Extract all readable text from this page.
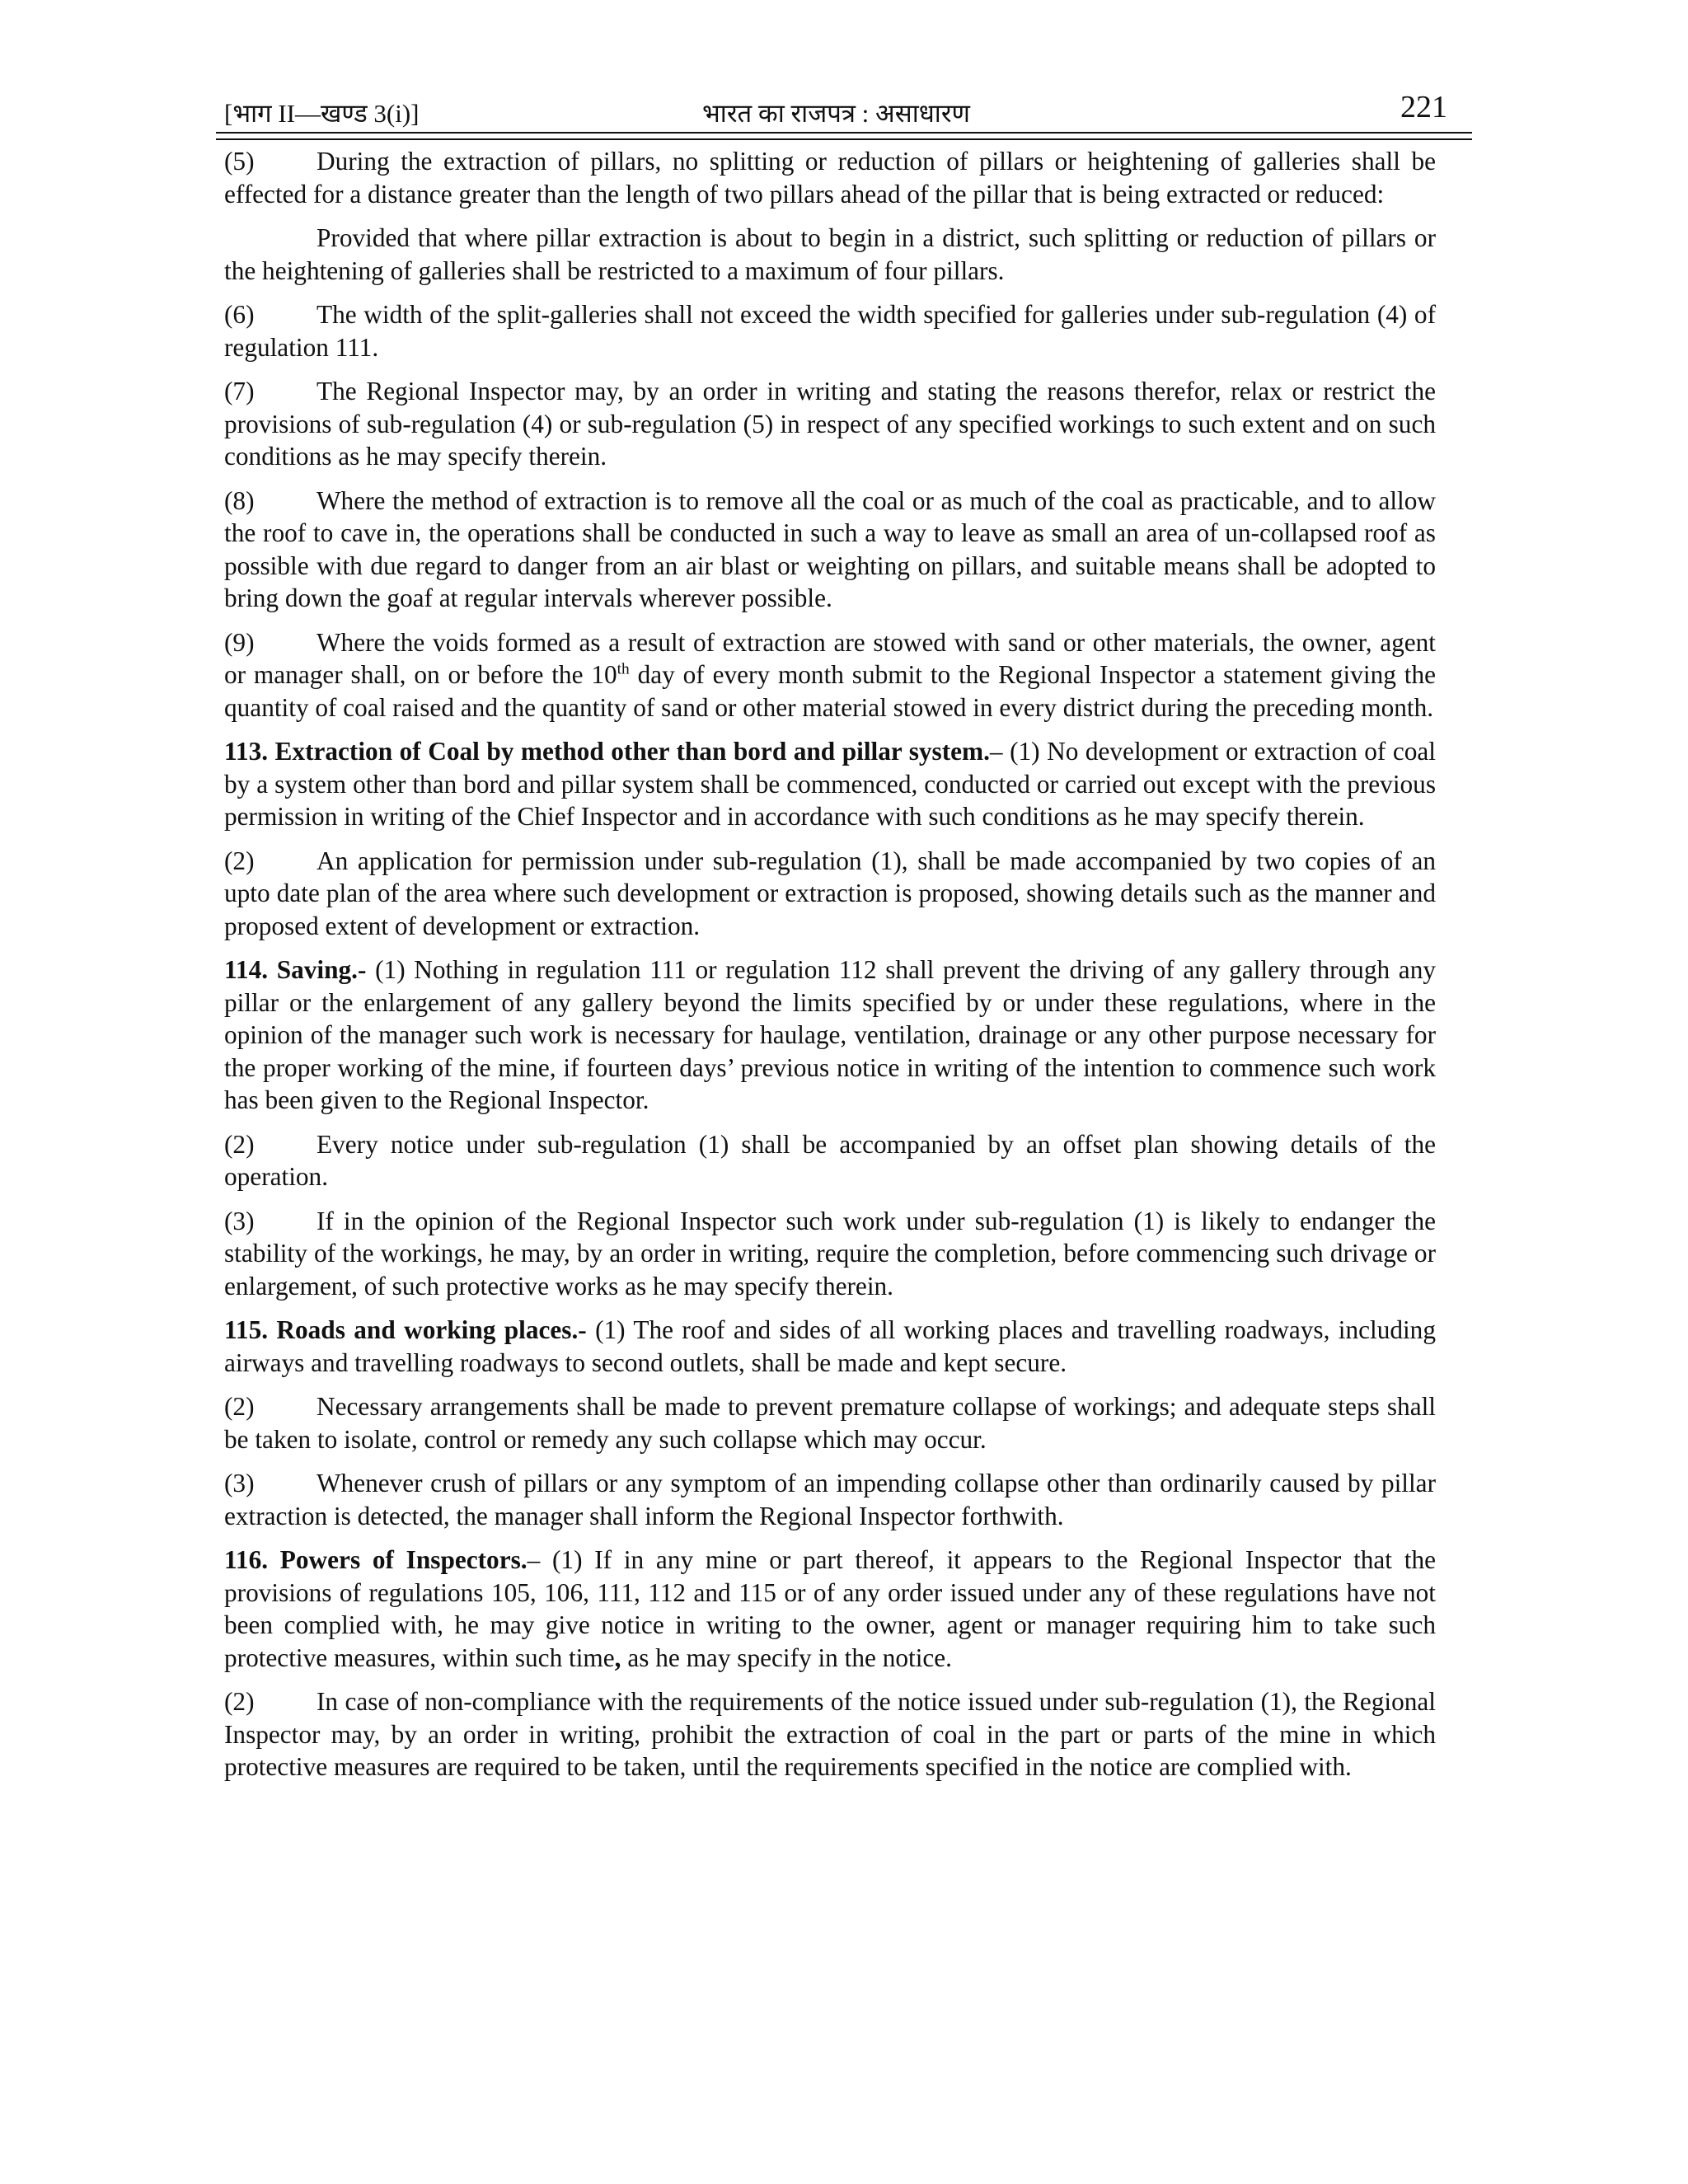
[भाग II—खण्ड 3(i)]	भारत का राजपत्र : असाधारण	221

(5) During the extraction of pillars, no splitting or reduction of pillars or heightening of galleries shall be effected for a distance greater than the length of two pillars ahead of the pillar that is being extracted or reduced:

Provided that where pillar extraction is about to begin in a district, such splitting or reduction of pillars or the heightening of galleries shall be restricted to a maximum of four pillars.

(6) The width of the split-galleries shall not exceed the width specified for galleries under sub-regulation (4) of regulation 111.

(7) The Regional Inspector may, by an order in writing and stating the reasons therefor, relax or restrict the provisions of sub-regulation (4) or sub-regulation (5) in respect of any specified workings to such extent and on such conditions as he may specify therein.

(8) Where the method of extraction is to remove all the coal or as much of the coal as practicable, and to allow the roof to cave in, the operations shall be conducted in such a way to leave as small an area of un-collapsed roof as possible with due regard to danger from an air blast or weighting on pillars, and suitable means shall be adopted to bring down the goaf at regular intervals wherever possible.

(9) Where the voids formed as a result of extraction are stowed with sand or other materials, the owner, agent or manager shall, on or before the 10th day of every month submit to the Regional Inspector a statement giving the quantity of coal raised and the quantity of sand or other material stowed in every district during the preceding month.

113. Extraction of Coal by method other than bord and pillar system.– (1) No development or extraction of coal by a system other than bord and pillar system shall be commenced, conducted or carried out except with the previous permission in writing of the Chief Inspector and in accordance with such conditions as he may specify therein.

(2) An application for permission under sub-regulation (1), shall be made accompanied by two copies of an upto date plan of the area where such development or extraction is proposed, showing details such as the manner and proposed extent of development or extraction.

114. Saving.- (1) Nothing in regulation 111 or regulation 112 shall prevent the driving of any gallery through any pillar or the enlargement of any gallery beyond the limits specified by or under these regulations, where in the opinion of the manager such work is necessary for haulage, ventilation, drainage or any other purpose necessary for the proper working of the mine, if fourteen days’ previous notice in writing of the intention to commence such work has been given to the Regional Inspector.

(2) Every notice under sub-regulation (1) shall be accompanied by an offset plan showing details of the operation.

(3) If in the opinion of the Regional Inspector such work under sub-regulation (1) is likely to endanger the stability of the workings, he may, by an order in writing, require the completion, before commencing such drivage or enlargement, of such protective works as he may specify therein.

115. Roads and working places.- (1) The roof and sides of all working places and travelling roadways, including airways and travelling roadways to second outlets, shall be made and kept secure.

(2) Necessary arrangements shall be made to prevent premature collapse of workings; and adequate steps shall be taken to isolate, control or remedy any such collapse which may occur.

(3) Whenever crush of pillars or any symptom of an impending collapse other than ordinarily caused by pillar extraction is detected, the manager shall inform the Regional Inspector forthwith.

116. Powers of Inspectors.– (1) If in any mine or part thereof, it appears to the Regional Inspector that the provisions of regulations 105, 106, 111, 112 and 115 or of any order issued under any of these regulations have not been complied with, he may give notice in writing to the owner, agent or manager requiring him to take such protective measures, within such time, as he may specify in the notice.

(2) In case of non-compliance with the requirements of the notice issued under sub-regulation (1), the Regional Inspector may, by an order in writing, prohibit the extraction of coal in the part or parts of the mine in which protective measures are required to be taken, until the requirements specified in the notice are complied with.
